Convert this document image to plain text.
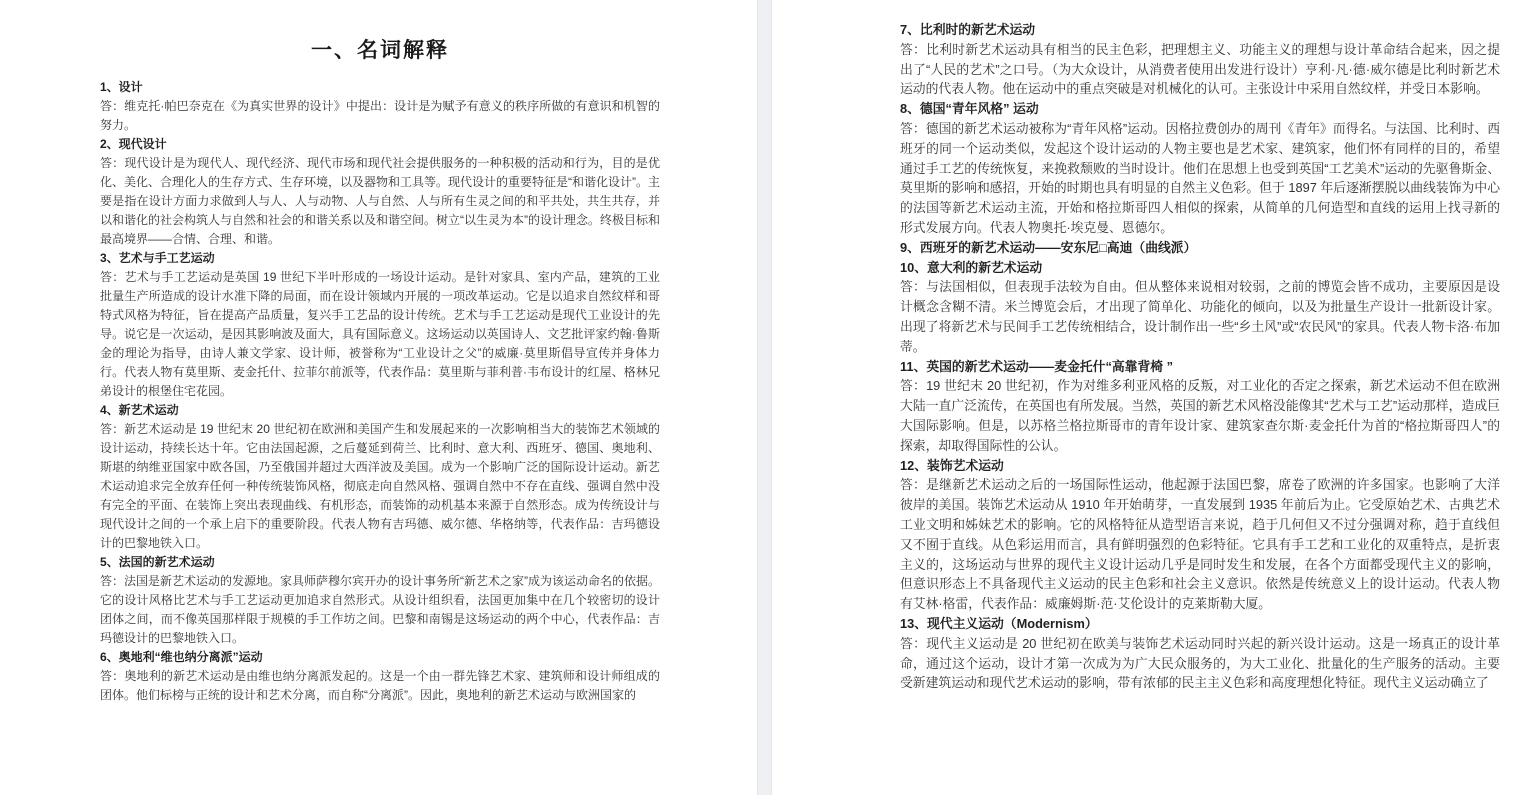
一、名词解释
1、设计

答：维克托·帕巴奈克在《为真实世界的设计》中提出：设计是为赋予有意义的秩序所做的有意识和机智的努力。

2、现代设计

答：现代设计是为现代人、现代经济、现代市场和现代社会提供服务的一种积极的活动和行为，目的是优化、美化、合理化人的生存方式、生存环境，以及器物和工具等。现代设计的重要特征是“和谐化设计”。主要是指在设计方面力求做到人与人、人与动物、人与自然、人与所有生灵之间的和平共处，共生共存，并以和谐化的社会构筑人与自然和社会的和谐关系以及和谐空间。树立“以生灵为本”的设计理念。终极目标和最高境界——合情、合理、和谐。

3、艺术与手工艺运动

答：艺术与手工艺运动是英国 19 世纪下半叶形成的一场设计运动。是针对家具、室内产品，建筑的工业批量生产所造成的设计水准下降的局面，而在设计领域内开展的一项改革运动。它是以追求自然纹样和哥特式风格为特征，旨在提高产品质量，复兴手工艺品的设计传统。艺术与手工艺运动是现代工业设计的先导。说它是一次运动，是因其影响波及面大，具有国际意义。这场运动以英国诗人、文艺批评家约翰·鲁斯金的理论为指导，由诗人兼文学家、设计师，被誉称为“工业设计之父”的威廉·莫里斯倡导宣传并身体力行。代表人物有莫里斯、麦金托什、拉菲尔前派等，代表作品：莫里斯与菲利普·韦布设计的红屋、格林兄弟设计的根堡住宅花园。

4、新艺术运动

答：新艺术运动是 19 世纪末 20 世纪初在欧洲和美国产生和发展起来的一次影响相当大的装饰艺术领域的设计运动，持续长达十年。它由法国起源，之后蔓延到荷兰、比利时、意大利、西班牙、德国、奥地利、斯堪的纳维亚国家中欧各国，乃至俄国并超过大西洋波及美国。成为一个影响广泛的国际设计运动。新艺术运动追求完全放弃任何一种传统装饰风格，彻底走向自然风格、强调自然中不存在直线、强调自然中没有完全的平面、在装饰上突出表现曲线、有机形态，而装饰的动机基本来源于自然形态。成为传统设计与现代设计之间的一个承上启下的重要阶段。代表人物有吉玛德、威尔德、华格纳等，代表作品：吉玛德设计的巴黎地铁入口。

5、法国的新艺术运动

答：法国是新艺术运动的发源地。家具师萨穆尔宾开办的设计事务所“新艺术之家”成为该运动命名的依据。它的设计风格比艺术与手工艺运动更加追求自然形式。从设计组织看，法国更加集中在几个较密切的设计团体之间，而不像英国那样限于规模的手工作坊之间。巴黎和南锡是这场运动的两个中心，代表作品：吉玛德设计的巴黎地铁入口。

6、奥地利“维也纳分离派”运动

答：奥地利的新艺术运动是由维也纳分离派发起的。这是一个由一群先锋艺术家、建筑师和设计师组成的团体。他们标榜与正统的设计和艺术分离，而自称“分离派”。因此，奥地利的新艺术运动与欧洲国家的

7、比利时的新艺术运动

答：比利时新艺术运动具有相当的民主色彩，把理想主义、功能主义的理想与设计革命结合起来，因之提出了“人民的艺术”之口号。（为大众设计，从消费者使用出发进行设计）亨利·凡·德·威尔德是比利时新艺术运动的代表人物。他在运动中的重点突破是对机械化的认可。主张设计中采用自然纹样，并受日本影响。

8、德国“青年风格” 运动

答：德国的新艺术运动被称为“青年风格”运动。因格拉费创办的周刊《青年》而得名。与法国、比利时、西班牙的同一个运动类似，发起这个设计运动的人物主要也是艺术家、建筑家，他们怀有同样的目的，希望通过手工艺的传统恢复，来挽救颓败的当时设计。他们在思想上也受到英国“工艺美术”运动的先驱鲁斯金、莫里斯的影响和感招，开始的时期也具有明显的自然主义色彩。但于 1897 年后逐渐摆脱以曲线装饰为中心的法国等新艺术运动主流，开始和格拉斯哥四人相似的探索，从简单的几何造型和直线的运用上找寻新的形式发展方向。代表人物奥托·埃克曼、恩德尔。

9、西班牙的新艺术运动——安东尼□高迪（曲线派）
10、意大利的新艺术运动

答：与法国相似，但表现手法较为自由。但从整体来说相对较弱，之前的博览会皆不成功，主要原因是设计概念含糊不清。米兰博览会后，才出现了简单化、功能化的倾向，以及为批量生产设计一批新设计家。出现了将新艺术与民间手工艺传统相结合，设计制作出一些“乡土风”或“农民风”的家具。代表人物卡洛·布加蒂。

11、英国的新艺术运动——麦金托什“高靠背椅 ”

答：19 世纪末 20 世纪初，作为对维多利亚风格的反叛，对工业化的否定之探索，新艺术运动不但在欧洲大陆一直广泛流传，在英国也有所发展。当然，英国的新艺术风格没能像其“艺术与工艺”运动那样，造成巨大国际影响。但是，以苏格兰格拉斯哥市的青年设计家、建筑家查尔斯·麦金托什为首的“格拉斯哥四人”的探索，却取得国际性的公认。

12、装饰艺术运动

答：是继新艺术运动之后的一场国际性运动，他起源于法国巴黎，席卷了欧洲的许多国家。也影响了大洋彼岸的美国。装饰艺术运动从 1910 年开始萌芽，一直发展到 1935 年前后为止。它受原始艺术、古典艺术工业文明和姊妹艺术的影响。它的风格特征从造型语言来说，趋于几何但又不过分强调对称，趋于直线但又不囿于直线。从色彩运用而言，具有鲜明强烈的色彩特征。它具有手工艺和工业化的双重特点，是折衷主义的，这场运动与世界的现代主义设计运动几乎是同时发生和发展，在各个方面都受现代主义的影响，但意识形态上不具备现代主义运动的民主色彩和社会主义意识。依然是传统意义上的设计运动。代表人物有艾林·格雷，代表作品：威廉姆斯·范·艾伦设计的克莱斯勒大厦。

13、现代主义运动（Modernism）

答：现代主义运动是 20 世纪初在欧美与装饰艺术运动同时兴起的新兴设计运动。这是一场真正的设计革命，通过这个运动，设计才第一次成为为广大民众服务的，为大工业化、批量化的生产服务的活动。主要受新建筑运动和现代艺术运动的影响，带有浓郁的民主主义色彩和高度理想化特征。现代主义运动确立了
